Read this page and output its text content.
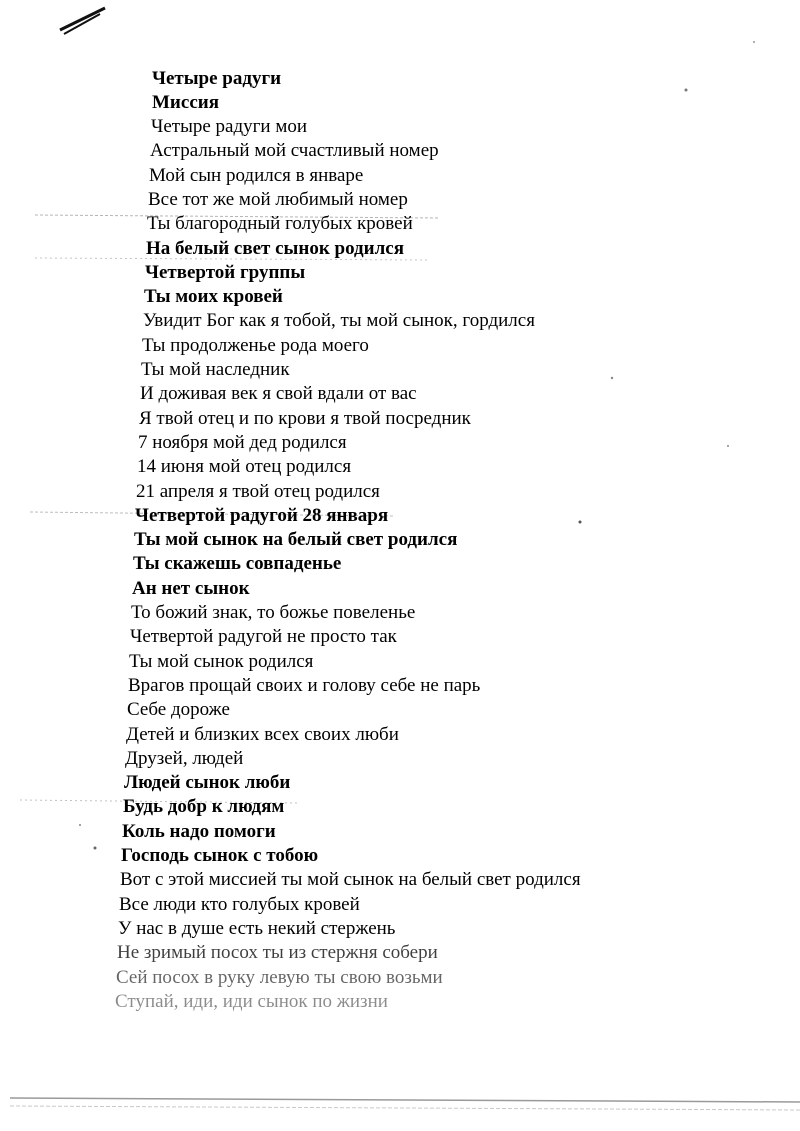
Четыре радуги
Миссия
Четыре радуги мои
Астральный мой счастливый номер
Мой сын родился в январе
Все тот же мой любимый номер
Ты благородный голубых кровей
На белый свет сынок родился
Четвертой группы
Ты моих кровей
Увидит Бог как я тобой, ты мой сынок, гордился
Ты продолженье рода моего
Ты мой наследник
И доживая век я свой вдали от вас
Я твой отец и по крови я твой посредник
7 ноября мой дед родился
14 июня мой отец родился
21 апреля я твой отец родился
Четвертой радугой 28 января
Ты мой сынок на белый свет родился
Ты скажешь совпаденье
Ан нет сынок
То божий знак, то божье повеленье
Четвертой радугой не просто так
Ты мой сынок родился
Врагов прощай своих и голову себе не парь
Себе дороже
Детей и близких всех своих люби
Друзей, людей
Людей сынок люби
Будь добр к людям
Коль надо помоги
Господь сынок с тобою
Вот с этой миссией ты мой сынок на белый свет родился
Все люди кто голубых кровей
У нас в душе есть некий стержень
Не зримый посох ты из стержня собери
Сей посох в руку левую ты свою возьми
Ступай, иди, иди сынок по жизни
